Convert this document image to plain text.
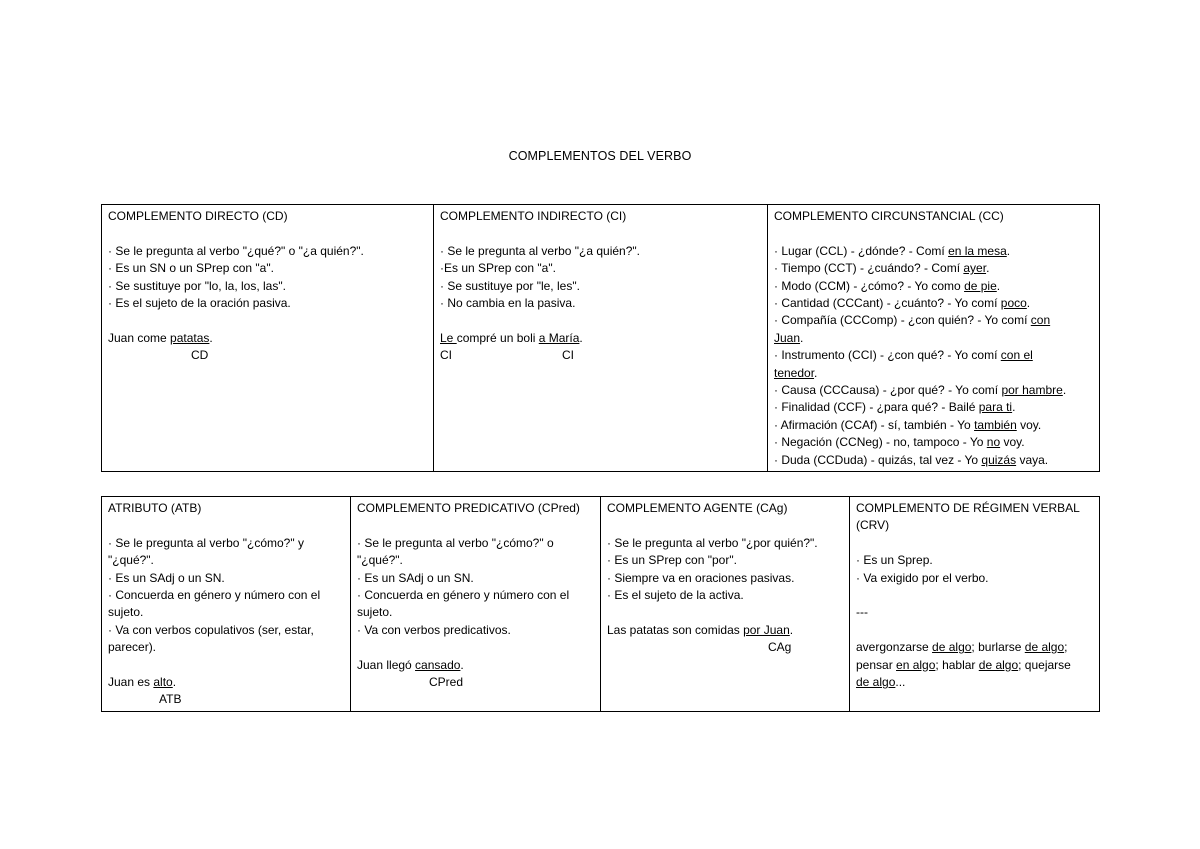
COMPLEMENTOS DEL VERBO
COMPLEMENTO DIRECTO (CD)
· Se le pregunta al verbo "¿qué?" o "¿a quién?".
· Es un SN o un SPrep con "a".
· Se sustituye por "lo, la, los, las".
· Es el sujeto de la oración pasiva.
Juan come patatas.
CD

COMPLEMENTO INDIRECTO (CI)
· Se le pregunta al verbo "¿a quién?".
·Es un SPrep con "a".
· Se sustituye por "le, les".
· No cambia en la pasiva.
Le compré un boli a María.
CI	CI

COMPLEMENTO CIRCUNSTANCIAL (CC)
· Lugar (CCL) - ¿dónde? - Comí en la mesa.
· Tiempo (CCT) - ¿cuándo? - Comí ayer.
· Modo (CCM) - ¿cómo? - Yo como de pie.
· Cantidad (CCCant) - ¿cuánto? - Yo comí poco.
· Compañía (CCComp) - ¿con quién? - Yo comí con
Juan.
· Instrumento (CCI) - ¿con qué? - Yo comí con el
tenedor.
· Causa (CCCausa) - ¿por qué? - Yo comí por hambre.
· Finalidad (CCF) - ¿para qué? - Bailé para ti.
· Afirmación (CCAf) - sí, también - Yo también voy.
· Negación (CCNeg) - no, tampoco - Yo no voy.
· Duda (CCDuda) - quizás, tal vez - Yo quizás vaya.
ATRIBUTO (ATB)
· Se le pregunta al verbo "¿cómo?" y
"¿qué?".
· Es un SAdj o un SN.
· Concuerda en género y número con el
sujeto.
· Va con verbos copulativos (ser, estar,
parecer).
Juan es alto.
ATB

COMPLEMENTO PREDICATIVO (CPred)
· Se le pregunta al verbo "¿cómo?" o
"¿qué?".
· Es un SAdj o un SN.
· Concuerda en género y número con el
sujeto.
· Va con verbos predicativos.
Juan llegó cansado.
CPred

COMPLEMENTO AGENTE (CAg)
· Se le pregunta al verbo "¿por quién?".
· Es un SPrep con "por".
· Siempre va en oraciones pasivas.
· Es el sujeto de la activa.
Las patatas son comidas por Juan.
CAg

COMPLEMENTO DE RÉGIMEN VERBAL
(CRV)
· Es un Sprep.
· Va exigido por el verbo.
---
avergonzarse de algo; burlarse de algo;
pensar en algo; hablar de algo; quejarse
de algo...
